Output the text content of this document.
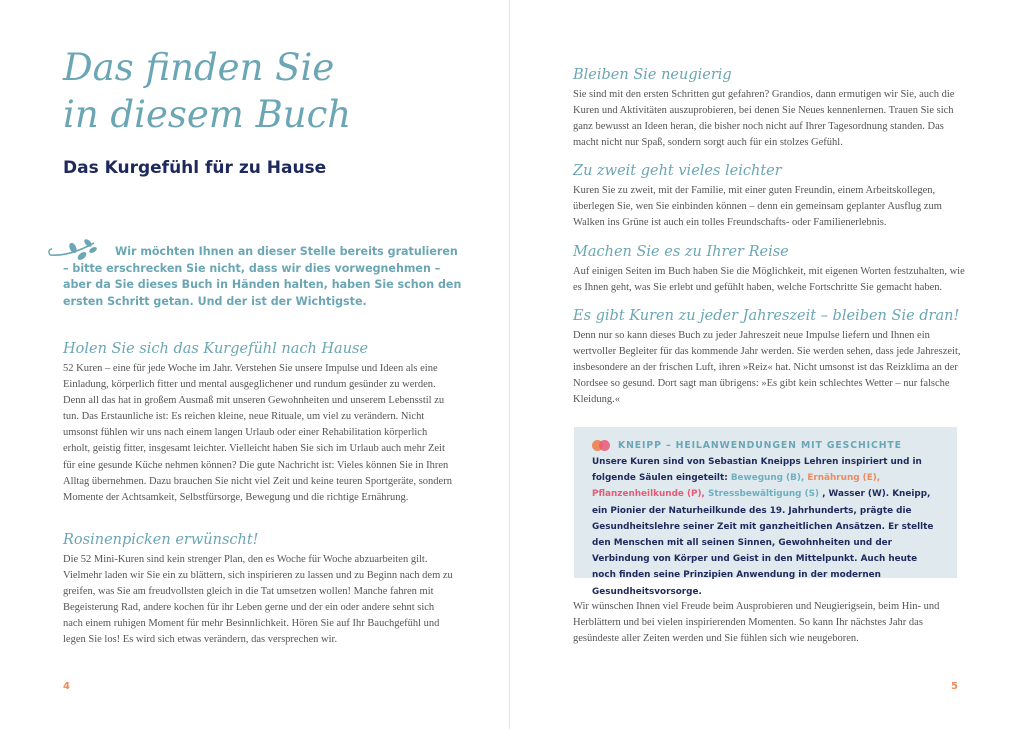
Das finden Sie
in diesem Buch
Das Kurgefühl für zu Hause

Wir möchten Ihnen an dieser Stelle bereits gratulieren – bitte erschrecken Sie nicht, dass wir dies vorwegnehmen – aber da Sie dieses Buch in Händen halten, haben Sie schon den ersten Schritt getan. Und der ist der Wichtigste.

Holen Sie sich das Kurgefühl nach Hause

52 Kuren – eine für jede Woche im Jahr. Verstehen Sie unsere Impulse und Ideen als eine Einladung, körperlich fitter und mental ausgeglichener und rundum gesünder zu werden. Denn all das hat in großem Ausmaß mit unseren Gewohnheiten und unserem Lebensstil zu tun. Das Erstaunliche ist: Es reichen kleine, neue Rituale, um viel zu verändern. Nicht umsonst fühlen wir uns nach einem langen Urlaub oder einer Rehabilitation körperlich erholt, geistig fitter, insgesamt leichter. Vielleicht haben Sie sich im Urlaub auch mehr Zeit für eine gesunde Küche nehmen können? Die gute Nachricht ist: Vieles können Sie in Ihren Alltag übernehmen. Dazu brauchen Sie nicht viel Zeit und keine teuren Sportgeräte, sondern Momente der Achtsamkeit, Selbstfürsorge, Bewegung und die richtige Ernährung.

Rosinenpicken erwünscht!

Die 52 Mini-Kuren sind kein strenger Plan, den es Woche für Woche abzuarbeiten gilt. Vielmehr laden wir Sie ein zu blättern, sich inspirieren zu lassen und zu Beginn nach dem zu greifen, was Sie am freudvollsten gleich in die Tat umsetzen wollen! Manche fahren mit Begeisterung Rad, andere kochen für ihr Leben gerne und der ein oder andere sehnt sich nach einem ruhigen Moment für mehr Besinnlichkeit. Hören Sie auf Ihr Bauchgefühl und legen Sie los! Es wird sich etwas verändern, das versprechen wir.

4
Bleiben Sie neugierig

Sie sind mit den ersten Schritten gut gefahren? Grandios, dann ermutigen wir Sie, auch die Kuren und Aktivitäten auszuprobieren, bei denen Sie Neues kennenlernen. Trauen Sie sich ganz bewusst an Ideen heran, die bisher noch nicht auf Ihrer Tagesordnung standen. Das macht nicht nur Spaß, sondern sorgt auch für ein stolzes Gefühl.

Zu zweit geht vieles leichter

Kuren Sie zu zweit, mit der Familie, mit einer guten Freundin, einem Arbeitskollegen, überlegen Sie, wen Sie einbinden können – denn ein gemeinsam geplanter Ausflug zum Walken ins Grüne ist auch ein tolles Freundschafts- oder Familienerlebnis.

Machen Sie es zu Ihrer Reise

Auf einigen Seiten im Buch haben Sie die Möglichkeit, mit eigenen Worten festzuhalten, wie es Ihnen geht, was Sie erlebt und gefühlt haben, welche Fortschritte Sie gemacht haben.

Es gibt Kuren zu jeder Jahreszeit – bleiben Sie dran!

Denn nur so kann dieses Buch zu jeder Jahreszeit neue Impulse liefern und Ihnen ein wertvoller Begleiter für das kommende Jahr werden. Sie werden sehen, dass jede Jahreszeit, insbesondere an der frischen Luft, ihren »Reiz« hat. Nicht umsonst ist das Reizklima an der Nordsee so gesund. Dort sagt man übrigens: »Es gibt kein schlechtes Wetter – nur falsche Kleidung.«

KNEIPP – HEILANWENDUNGEN MIT GESCHICHTE

Unsere Kuren sind von Sebastian Kneipps Lehren inspiriert und in folgende Säulen eingeteilt: Bewegung (B), Ernährung (E), Pflanzenheilkunde (P), Stressbewältigung (S) , Wasser (W). Kneipp, ein Pionier der Naturheilkunde des 19. Jahrhunderts, prägte die Gesundheitslehre seiner Zeit mit ganzheitlichen Ansätzen. Er stellte den Menschen mit all seinen Sinnen, Gewohnheiten und der Verbindung von Körper und Geist in den Mittelpunkt. Auch heute noch finden seine Prinzipien Anwendung in der modernen Gesundheitsvorsorge.

Wir wünschen Ihnen viel Freude beim Ausprobieren und Neugierigsein, beim Hin- und Herblättern und bei vielen inspirierenden Momenten. So kann Ihr nächstes Jahr das gesündeste aller Zeiten werden und Sie fühlen sich wie neugeboren.

5
